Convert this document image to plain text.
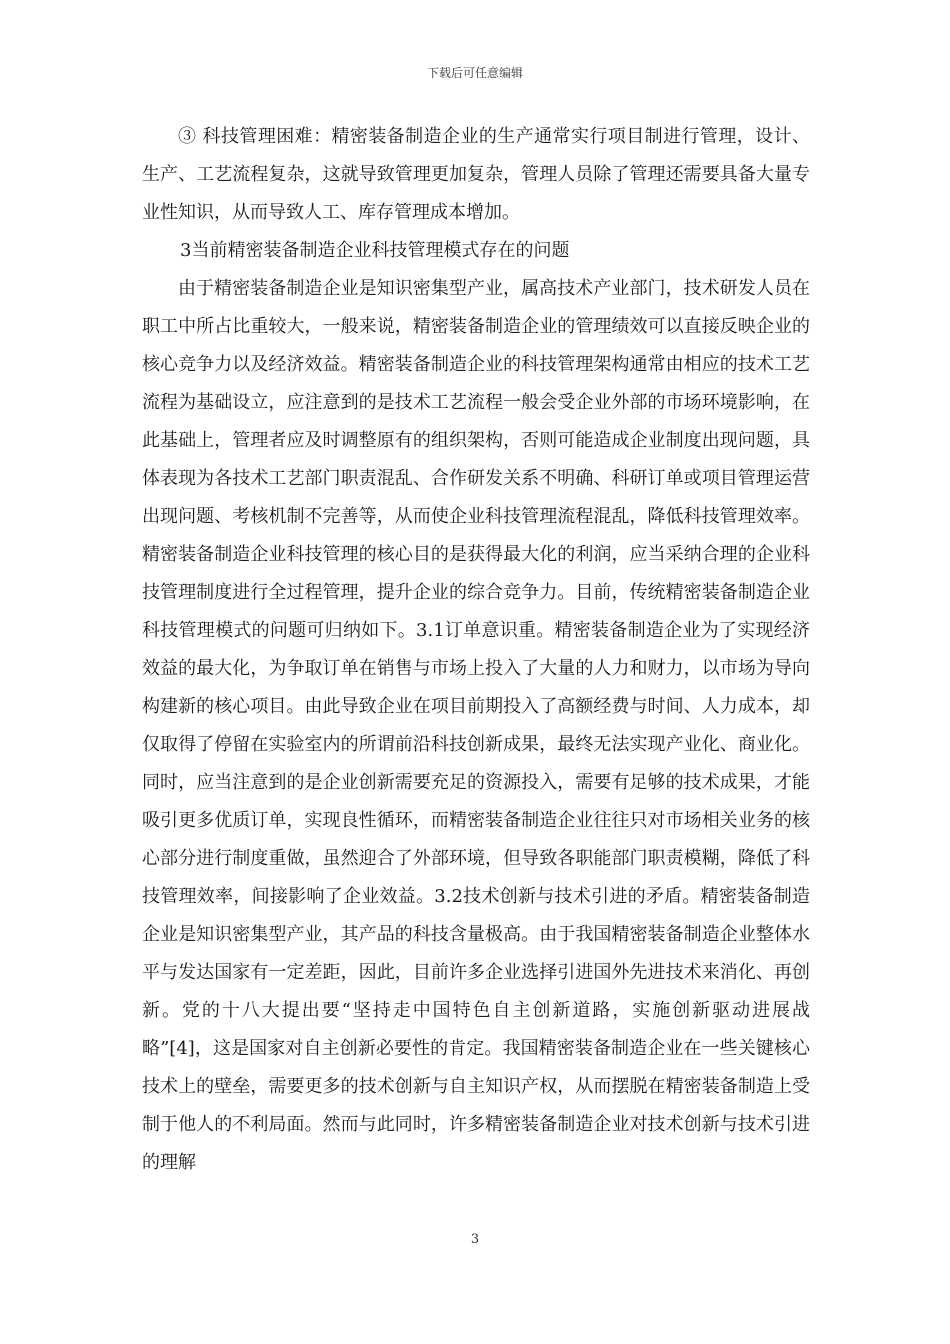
下载后可任意编辑

③ 科技管理困难：精密装备制造企业的生产通常实行项目制进行管理，设计、生产、工艺流程复杂，这就导致管理更加复杂，管理人员除了管理还需要具备大量专业性知识，从而导致人工、库存管理成本增加。

3当前精密装备制造企业科技管理模式存在的问题

由于精密装备制造企业是知识密集型产业，属高技术产业部门，技术研发人员在职工中所占比重较大，一般来说，精密装备制造企业的管理绩效可以直接反映企业的核心竞争力以及经济效益。精密装备制造企业的科技管理架构通常由相应的技术工艺流程为基础设立，应注意到的是技术工艺流程一般会受企业外部的市场环境影响，在此基础上，管理者应及时调整原有的组织架构，否则可能造成企业制度出现问题，具体表现为各技术工艺部门职责混乱、合作研发关系不明确、科研订单或项目管理运营出现问题、考核机制不完善等，从而使企业科技管理流程混乱，降低科技管理效率。精密装备制造企业科技管理的核心目的是获得最大化的利润，应当采纳合理的企业科技管理制度进行全过程管理，提升企业的综合竞争力。目前，传统精密装备制造企业科技管理模式的问题可归纳如下。3.1订单意识重。精密装备制造企业为了实现经济效益的最大化，为争取订单在销售与市场上投入了大量的人力和财力，以市场为导向构建新的核心项目。由此导致企业在项目前期投入了高额经费与时间、人力成本，却仅取得了停留在实验室内的所谓前沿科技创新成果，最终无法实现产业化、商业化。同时，应当注意到的是企业创新需要充足的资源投入，需要有足够的技术成果，才能吸引更多优质订单，实现良性循环，而精密装备制造企业往往只对市场相关业务的核心部分进行制度重做，虽然迎合了外部环境，但导致各职能部门职责模糊，降低了科技管理效率，间接影响了企业效益。3.2技术创新与技术引进的矛盾。精密装备制造企业是知识密集型产业，其产品的科技含量极高。由于我国精密装备制造企业整体水平与发达国家有一定差距，因此，目前许多企业选择引进国外先进技术来消化、再创新。党的十八大提出要“坚持走中国特色自主创新道路，实施创新驱动进展战略”[4]，这是国家对自主创新必要性的肯定。我国精密装备制造企业在一些关键核心技术上的壁垒，需要更多的技术创新与自主知识产权，从而摆脱在精密装备制造上受制于他人的不利局面。然而与此同时，许多精密装备制造企业对技术创新与技术引进的理解

3
